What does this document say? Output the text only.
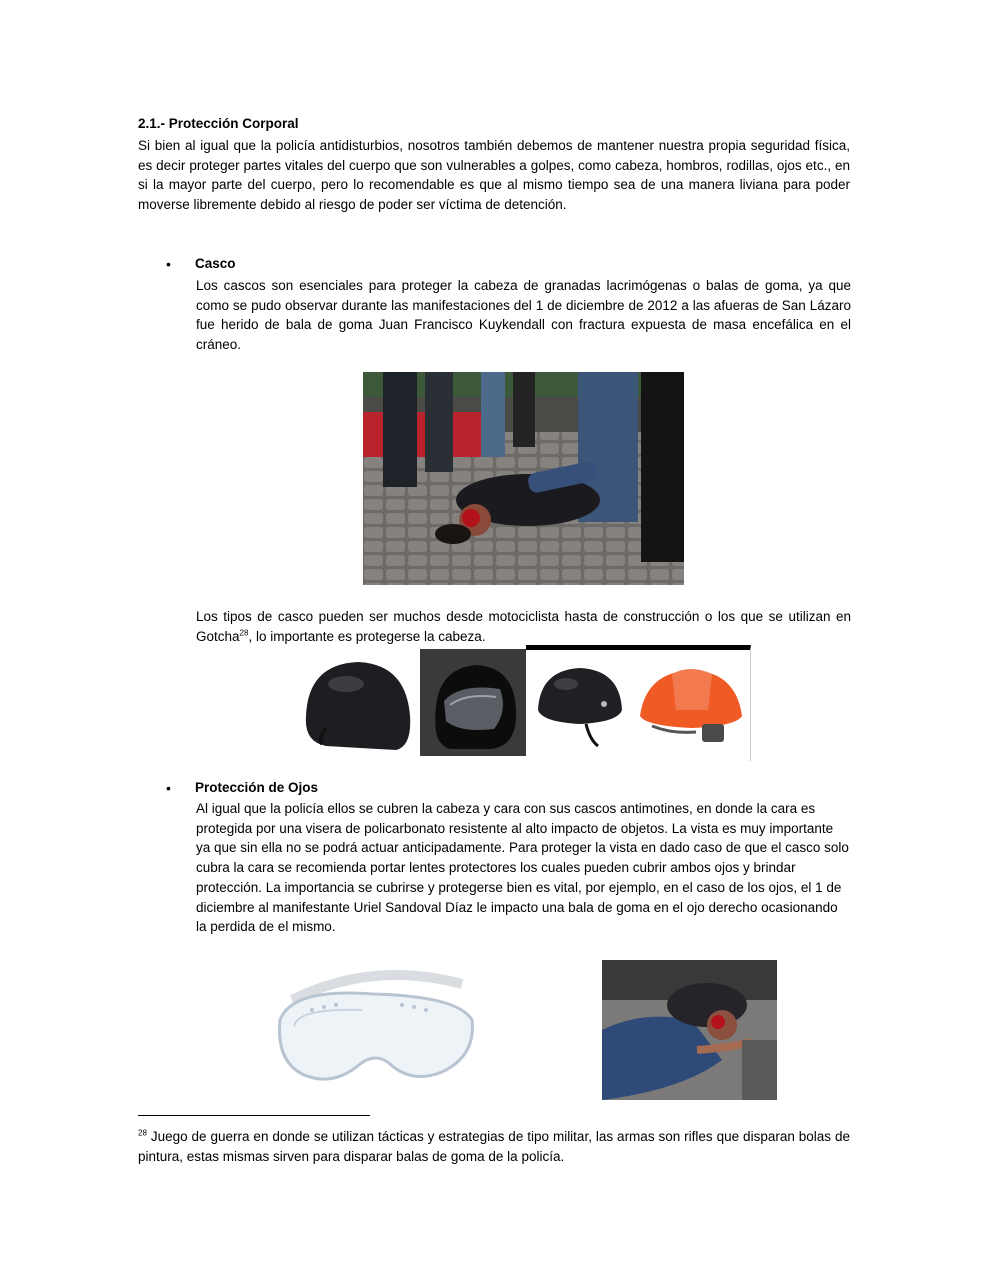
2.1.- Protección Corporal

Si bien al igual que la policía antidisturbios, nosotros también debemos de mantener nuestra propia seguridad física, es decir proteger partes vitales del cuerpo que son vulnerables a golpes, como cabeza, hombros, rodillas, ojos etc., en si la mayor parte del cuerpo, pero lo recomendable es que al mismo tiempo sea de una manera liviana para poder moverse libremente debido al riesgo de poder ser víctima de detención.

• Casco

Los cascos son esenciales para proteger la cabeza de granadas lacrimógenas o balas de goma, ya que como se pudo observar durante las manifestaciones del 1 de diciembre de 2012 a las afueras de San Lázaro fue herido de bala de goma Juan Francisco Kuykendall con fractura expuesta de masa encefálica en el cráneo.

Los tipos de casco pueden ser muchos desde motociclista hasta de construcción o los que se utilizan en Gotcha$^{28}$, lo importante es protegerse la cabeza.

• Protección de Ojos

Al igual que la policía ellos se cubren la cabeza y cara con sus cascos antimotines, en donde la cara es protegida por una visera de policarbonato resistente al alto impacto de objetos. La vista es muy importante ya que sin ella no se podrá actuar anticipadamente. Para proteger la vista en dado caso de que el casco solo cubra la cara se recomienda portar lentes protectores los cuales pueden cubrir ambos ojos y brindar protección. La importancia se cubrirse y protegerse bien es vital, por ejemplo, en el caso de los ojos, el 1 de diciembre al manifestante Uriel Sandoval Díaz le impacto una bala de goma en el ojo derecho ocasionando la perdida de el mismo.

$^{28}$ Juego de guerra en donde se utilizan tácticas y estrategias de tipo militar, las armas son rifles que disparan bolas de pintura, estas mismas sirven para disparar balas de goma de la policía.
